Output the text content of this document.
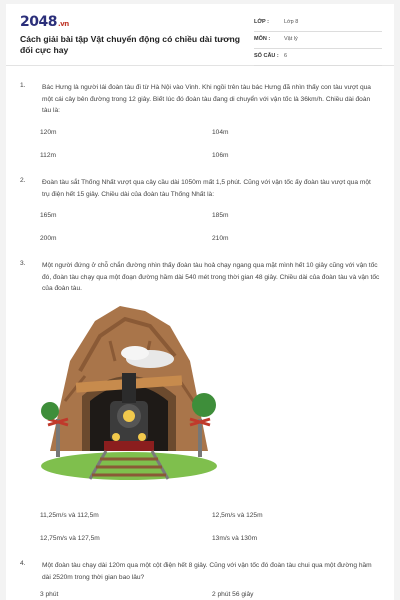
2048.vn
Cách giải bài tập Vật chuyển động có chiều dài tương đối cực hay
LỚP :	Lớp 8
MÔN :	Vật lý
SỐ CÂU : 6
1.	Bác Hưng là người lái đoàn tàu đi từ Hà Nội vào Vinh. Khi ngồi trên tàu bác Hưng đã nhìn thấy con tàu vượt qua một cái cây bên đường trong 12 giây. Biết lúc đó đoàn tàu đang di chuyển với vận tốc là 36km/h. Chiều dài đoàn tàu là:
120m	104m
112m	106m
2.	Đoàn tàu sắt Thống Nhất vượt qua cây cầu dài 1050m mất 1,5 phút. Cũng với vận tốc ấy đoàn tàu vượt qua một trụ điện hết 15 giây. Chiều dài của đoàn tàu Thống Nhất là:
165m	185m
200m	210m
3.	Một người đứng ở chỗ chắn đường nhìn thấy đoàn tàu hoả chạy ngang qua mặt mình hết 10 giây cũng với vận tốc đó, đoàn tàu chạy qua một đoạn đường hầm dài 540 mét trong thời gian 48 giây. Chiều dài của đoàn tàu và vận tốc của đoàn tàu.
11,25m/s và 112,5m	12,5m/s và 125m
12,75m/s và 127,5m	13m/s và 130m
4.	Một đoàn tàu chạy dài 120m qua một cột điện hết 8 giây. Cũng với vận tốc đó đoàn tàu chui qua một đường hầm dài 2520m trong thời gian bao lâu?
3 phút	2 phút 56 giây
